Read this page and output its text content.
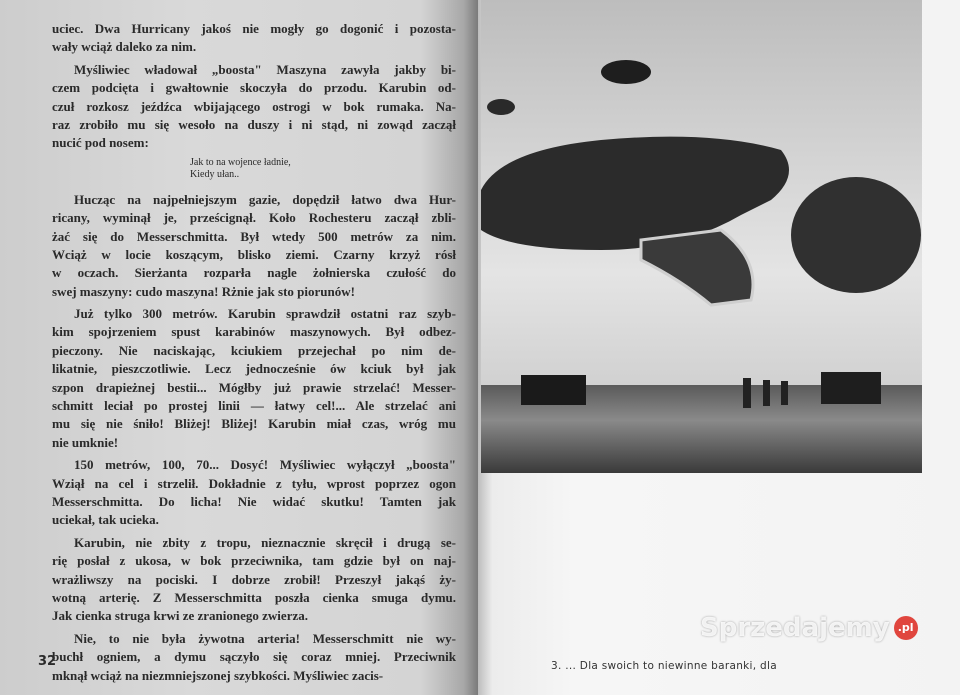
uciec. Dwa Hurricany jakoś nie mogły go dogonić i pozosta-
wały wciąż daleko za nim.
Myśliwiec władował „boosta" Maszyna zawyła jakby bi-
czem podcięta i gwałtownie skoczyła do przodu. Karubin od-
czuł rozkosz jeźdźca wbijającego ostrogi w bok rumaka. Na-
raz zrobiło mu się wesoło na duszy i ni stąd, ni zowąd zaczął
nucić pod nosem:
Jak to na wojence ładnie,
Kiedy ułan..
Hucząc na najpełniejszym gazie, dopędził łatwo dwa Hur-
ricany, wyminął je, prześcignął. Koło Rochesteru zaczął zbli-
żać się do Messerschmitta. Był wtedy 500 metrów za nim.
Wciąż w locie koszącym, blisko ziemi. Czarny krzyż rósł
w oczach. Sierżanta rozparła nagle żołnierska czułość do
swej maszyny: cudo maszyna! Rżnie jak sto piorunów!
Już tylko 300 metrów. Karubin sprawdził ostatni raz szyb-
kim spojrzeniem spust karabinów maszynowych. Był odbez-
pieczony. Nie naciskając, kciukiem przejechał po nim de-
likatnie, pieszczotliwie. Lecz jednocześnie ów kciuk był jak
szpon drapieżnej bestii... Mógłby już prawie strzelać! Messer-
schmitt leciał po prostej linii — łatwy cel!... Ale strzelać ani
mu się nie śniło! Bliżej! Bliżej! Karubin miał czas, wróg mu
nie umknie!
150 metrów, 100, 70... Dosyć! Myśliwiec wyłączył „boosta"
Wziął na cel i strzelił. Dokładnie z tyłu, wprost poprzez ogon
Messerschmitta. Do licha! Nie widać skutku! Tamten jak
uciekał, tak ucieka.
Karubin, nie zbity z tropu, nieznacznie skręcił i drugą se-
rię posłał z ukosa, w bok przeciwnika, tam gdzie był on naj-
wrażliwszy na pociski. I dobrze zrobił! Przeszył jakąś ży-
wotną arterię. Z Messerschmitta poszła cienka smuga dymu.
Jak cienka struga krwi ze zranionego zwierza.
Nie, to nie była żywotna arteria! Messerschmitt nie wy-
buchł ogniem, a dymu sączyło się coraz mniej. Przeciwnik
mknął wciąż na niezmniejszonej szybkości. Myśliwiec zacis-
32	3. ... Dla swoich to niewinne baranki, dla
Sprzedajemy .pl
